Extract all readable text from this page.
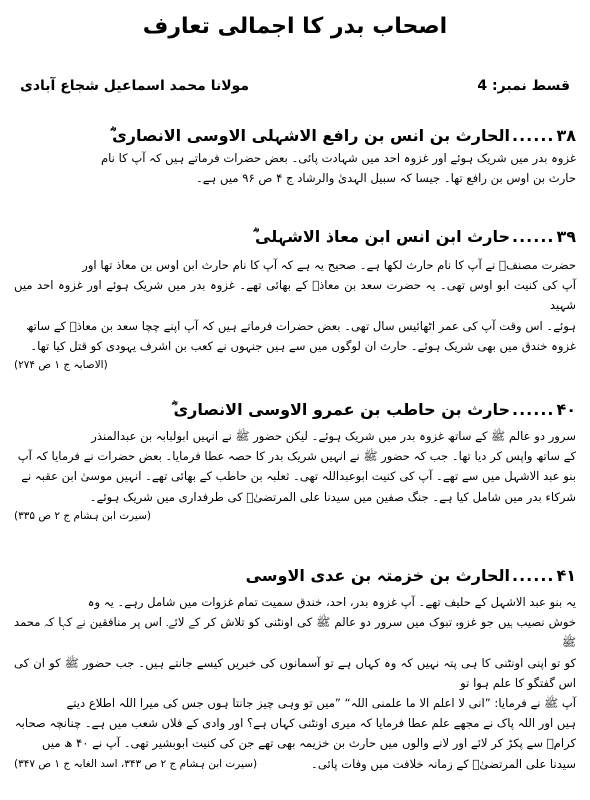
اصحاب بدر کا اجمالی تعارف
قسط نمبر: 4
مولانا محمد اسماعیل شجاع آبادی
۳۸
......
الحارث بن انس بن رافع الاشہلی الاوسی الانصاری

غزوہ بدر میں شریک ہوئے اور غزوہ احد میں شہادت پائی۔ بعض حضرات فرماتے ہیں کہ آپ کا نام

حارث بن اوس بن رافع تھا۔ جیسا کہ سبیل الہدیٰ والرشاد ج ۴ ص ۹۶ میں ہے۔

۳۹
......
حارث ابن انس ابن معاذ الاشہلی

حضرت مصنفؒ نے آپ کا نام حارث لکھا ہے۔ صحیح یہ ہے کہ آپ کا نام حارث ابن اوس بن معاذ تھا اور

آپ کی کنیت ابو اوس تھی۔ یہ حضرت سعد بن معاذؓ کے بھائی تھے۔ غزوہ بدر میں شریک ہوئے اور غزوہ احد میں شہید

ہوئے۔ اس وقت آپ کی عمر اٹھائیس سال تھی۔ بعض حضرات فرماتے ہیں کہ آپ اپنے چچا سعد بن معاذؓ کے ساتھ

غزوہ خندق میں بھی شریک ہوئے۔ حارث ان لوگوں میں سے ہیں جنہوں نے کعب بن اشرف یہودی کو قتل کیا تھا۔

(الاصابہ ج ۱ ص ۲۷۴)
۴۰
......
حارث بن حاطب بن عمرو الاوسی الانصاری

سرور دو عالم ﷺ کے ساتھ غزوہ بدر میں شریک ہوئے۔ لیکن حضور ﷺ نے انہیں ابولبابہ بن عبدالمنذر

کے ساتھ واپس کر دیا تھا۔ جب کہ حضور ﷺ نے انہیں شریک بدر کا حصہ عطا فرمایا۔ بعض حضرات نے فرمایا کہ آپ

بنو عبد الاشہل میں سے تھے۔ آپ کی کنیت ابوعبداللہ تھی۔ ثعلبہ بن حاطب کے بھائی تھے۔ انہیں موسیٰ ابن عقبہ نے

شرکاء بدر میں شامل کیا ہے۔ جنگ صفین میں سیدنا علی المرتضیٰؓ کی طرفداری میں شریک ہوئے۔

(سیرت ابن ہشام ج ۲ ص ۳۳۵)
۴۱
......
الحارث بن خزمتہ بن عدی الاوسی

یہ بنو عبد الاشہل کے حلیف تھے۔ آپ غزوہ بدر، احد، خندق سمیت تمام غزوات میں شامل رہے۔ یہ وہ

خوش نصیب ہیں جو غزوہ تبوک میں سرور دو عالم ﷺ کی اونٹنی کو تلاش کر کے لائے۔ اس پر منافقین نے کہا کہ محمد ﷺ

کو تو اپنی اونٹنی کا ہی پتہ نہیں کہ وہ کہاں ہے تو آسمانوں کی خبریں کیسے جانتے ہیں۔ جب حضور ﷺ کو ان کی اس گفتگو کا علم ہوا تو

آپ ﷺ نے فرمایا: ”انی لا اعلم الا ما علمنی اللہ“ ”میں تو وہی چیز جانتا ہوں جس کی میرا اللہ اطلاع دیتے

ہیں اور اللہ پاک نے مجھے علم عطا فرمایا کہ میری اونٹنی کہاں ہے؟ اور وادی کے فلاں شعب میں ہے۔ چنانچہ صحابہ

کرامؓ سے پکڑ کر لائے اور لانے والوں میں حارث بن خزیمہ بھی تھے جن کی کنیت ابوبشیر تھی۔ آپ نے ۴۰ ھ میں

سیدنا علی المرتضیٰؓ کے زمانہ خلافت میں وفات پائی۔
(سیرت ابن ہشام ج ۲ ص ۳۴۳، اسد الغابہ ج ۱ ص ۳۴۷)
